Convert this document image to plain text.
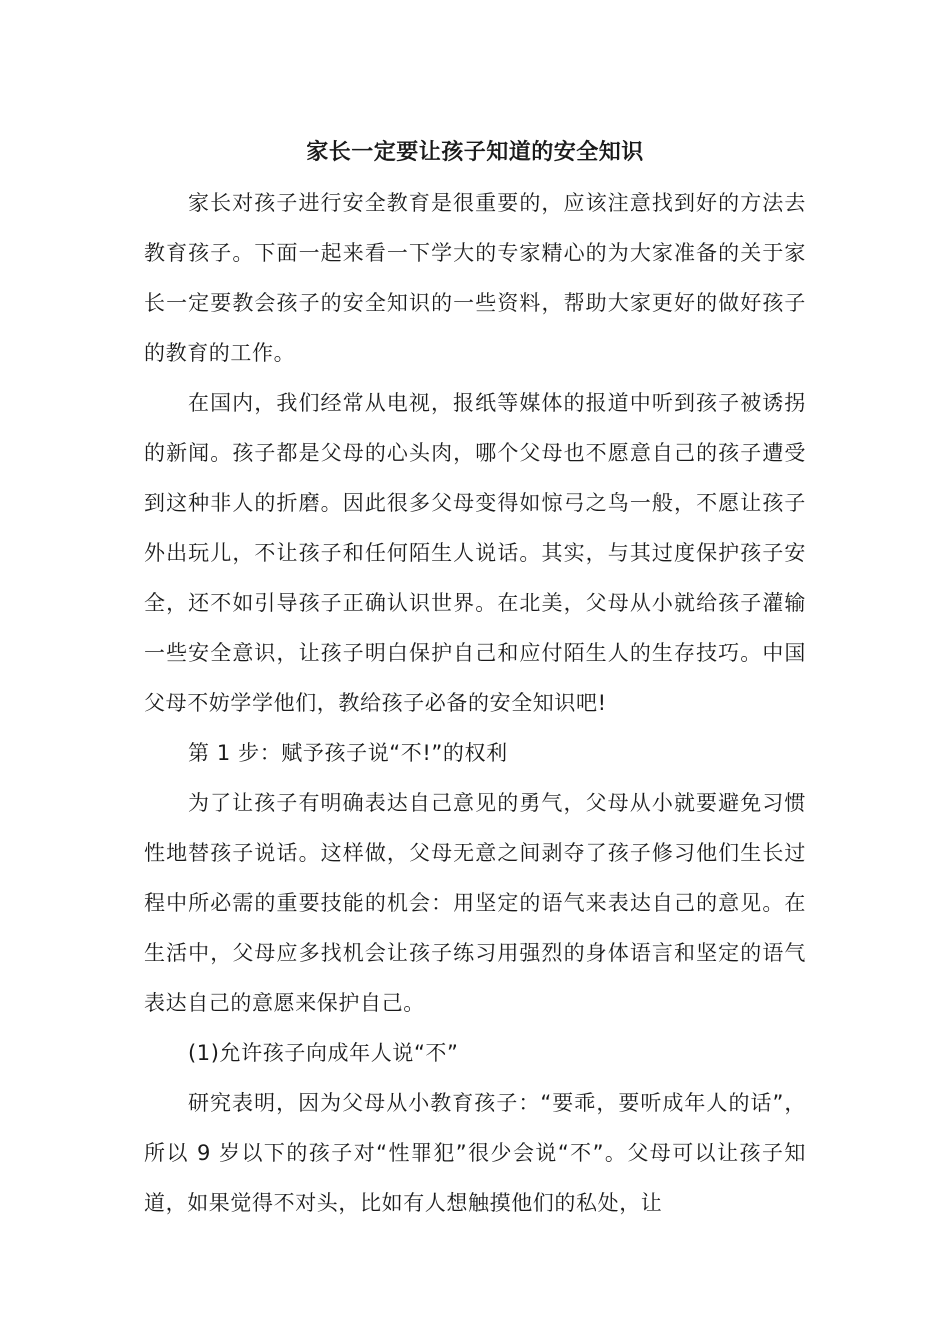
家长一定要让孩子知道的安全知识

家长对孩子进行安全教育是很重要的，应该注意找到好的方法去教育孩子。下面一起来看一下学大的专家精心的为大家准备的关于家长一定要教会孩子的安全知识的一些资料，帮助大家更好的做好孩子的教育的工作。

在国内，我们经常从电视，报纸等媒体的报道中听到孩子被诱拐的新闻。孩子都是父母的心头肉，哪个父母也不愿意自己的孩子遭受到这种非人的折磨。因此很多父母变得如惊弓之鸟一般，不愿让孩子外出玩儿，不让孩子和任何陌生人说话。其实，与其过度保护孩子安全，还不如引导孩子正确认识世界。在北美，父母从小就给孩子灌输一些安全意识，让孩子明白保护自己和应付陌生人的生存技巧。中国父母不妨学学他们，教给孩子必备的安全知识吧!

第 1 步：赋予孩子说“不!”的权利

为了让孩子有明确表达自己意见的勇气，父母从小就要避免习惯性地替孩子说话。这样做，父母无意之间剥夺了孩子修习他们生长过程中所必需的重要技能的机会：用坚定的语气来表达自己的意见。在生活中，父母应多找机会让孩子练习用强烈的身体语言和坚定的语气表达自己的意愿来保护自己。

(1)允许孩子向成年人说“不”

研究表明，因为父母从小教育孩子：“要乖，要听成年人的话”，所以 9 岁以下的孩子对“性罪犯”很少会说“不”。父母可以让孩子知道，如果觉得不对头，比如有人想触摸他们的私处，让
